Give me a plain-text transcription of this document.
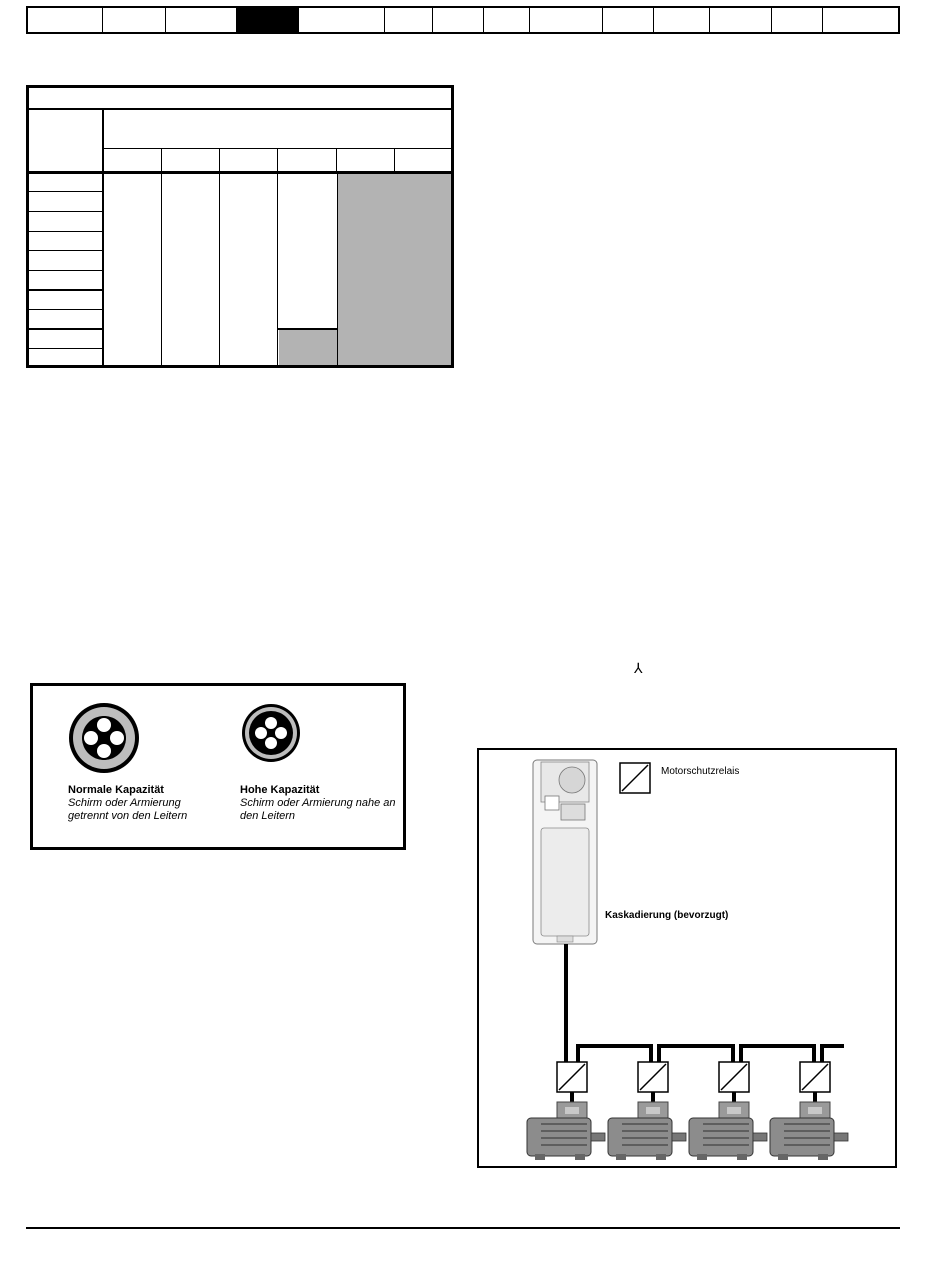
Normale Kapazität
Schirm oder Armierung getrennt von den Leitern
Hohe Kapazität
Schirm oder Armierung nahe an den Leitern
⅄
Motorschutzrelais
Kaskadierung (bevorzugt)
